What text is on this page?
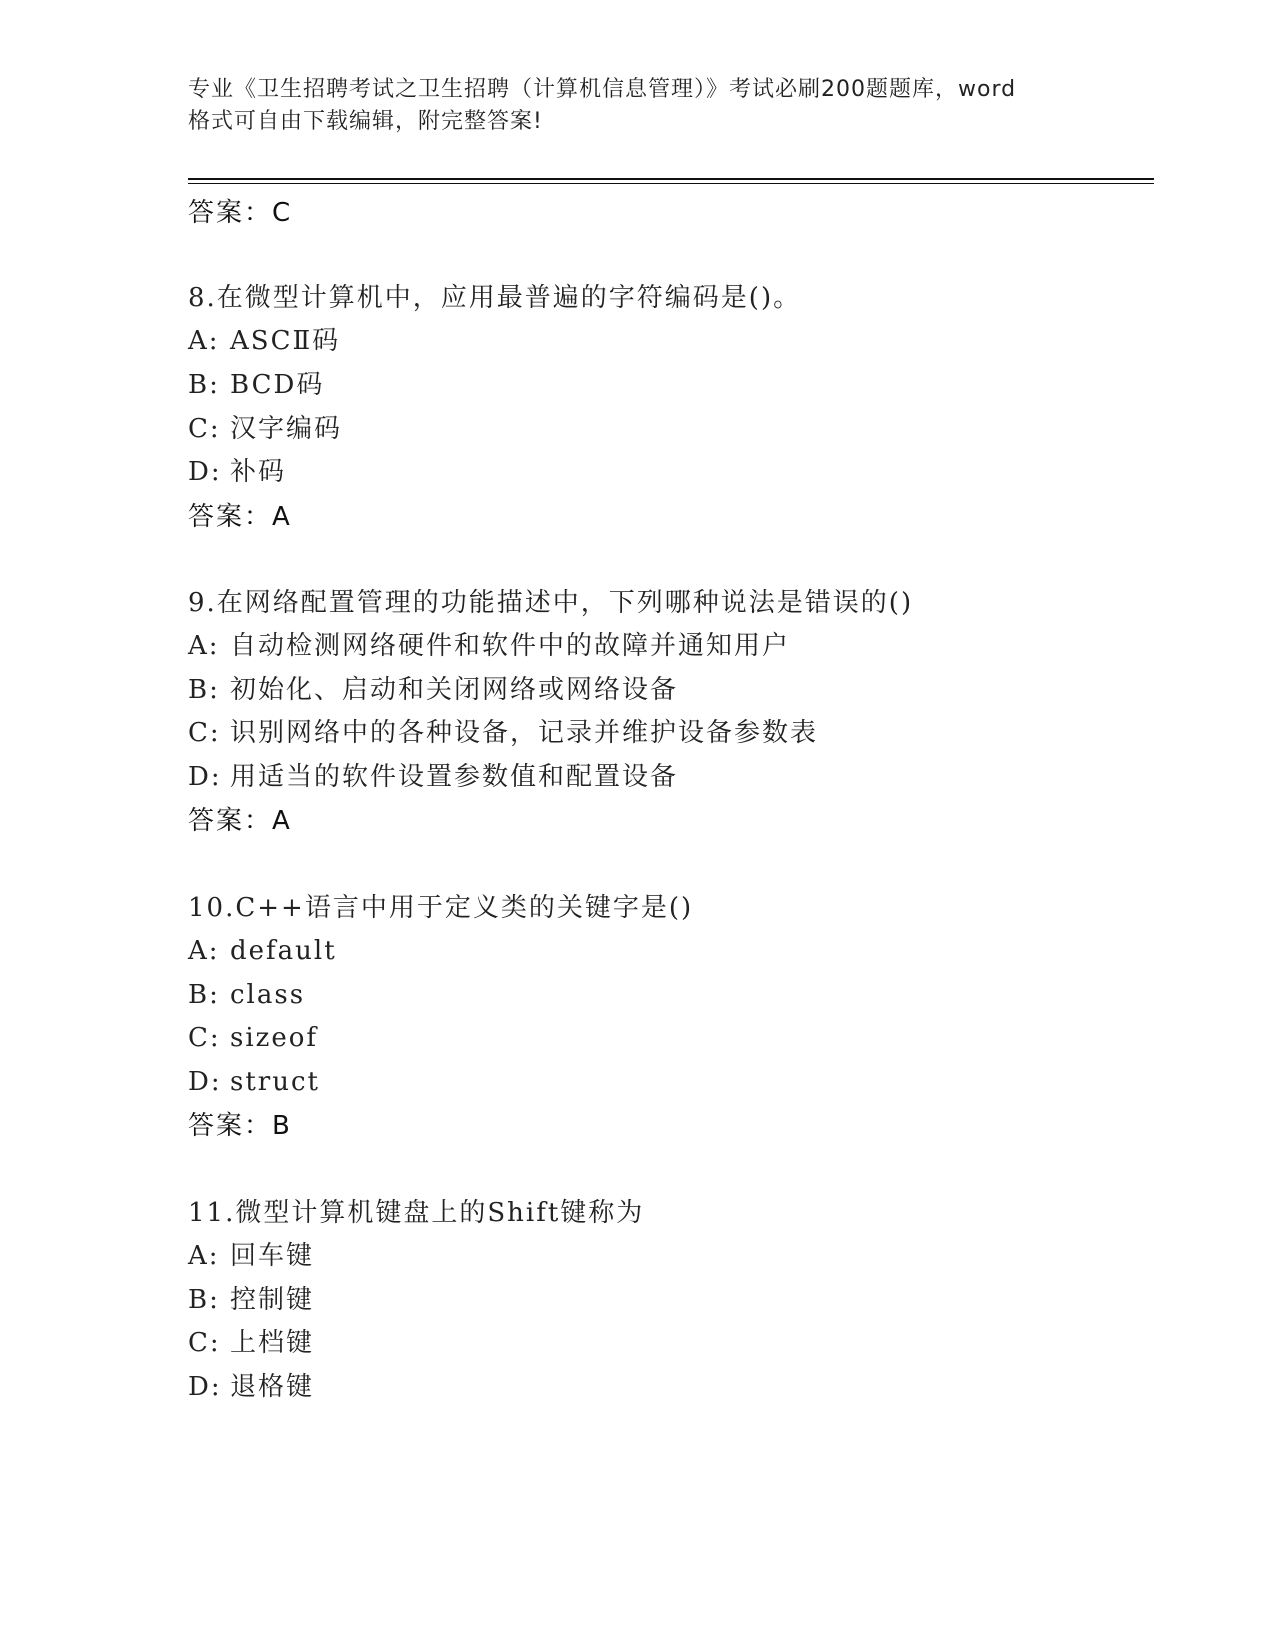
专业《卫生招聘考试之卫生招聘（计算机信息管理）》考试必刷200题题库，word
格式可自由下载编辑，附完整答案!
答案：C
8.在微型计算机中，应用最普遍的字符编码是()。
A: ASCⅡ码
B: BCD码
C: 汉字编码
D: 补码
答案：A
9.在网络配置管理的功能描述中，下列哪种说法是错误的()
A: 自动检测网络硬件和软件中的故障并通知用户
B: 初始化、启动和关闭网络或网络设备
C: 识别网络中的各种设备，记录并维护设备参数表
D: 用适当的软件设置参数值和配置设备
答案：A
10.C++语言中用于定义类的关键字是()
A: default
B: class
C: sizeof
D: struct
答案：B
11.微型计算机键盘上的Shift键称为
A: 回车键
B: 控制键
C: 上档键
D: 退格键
